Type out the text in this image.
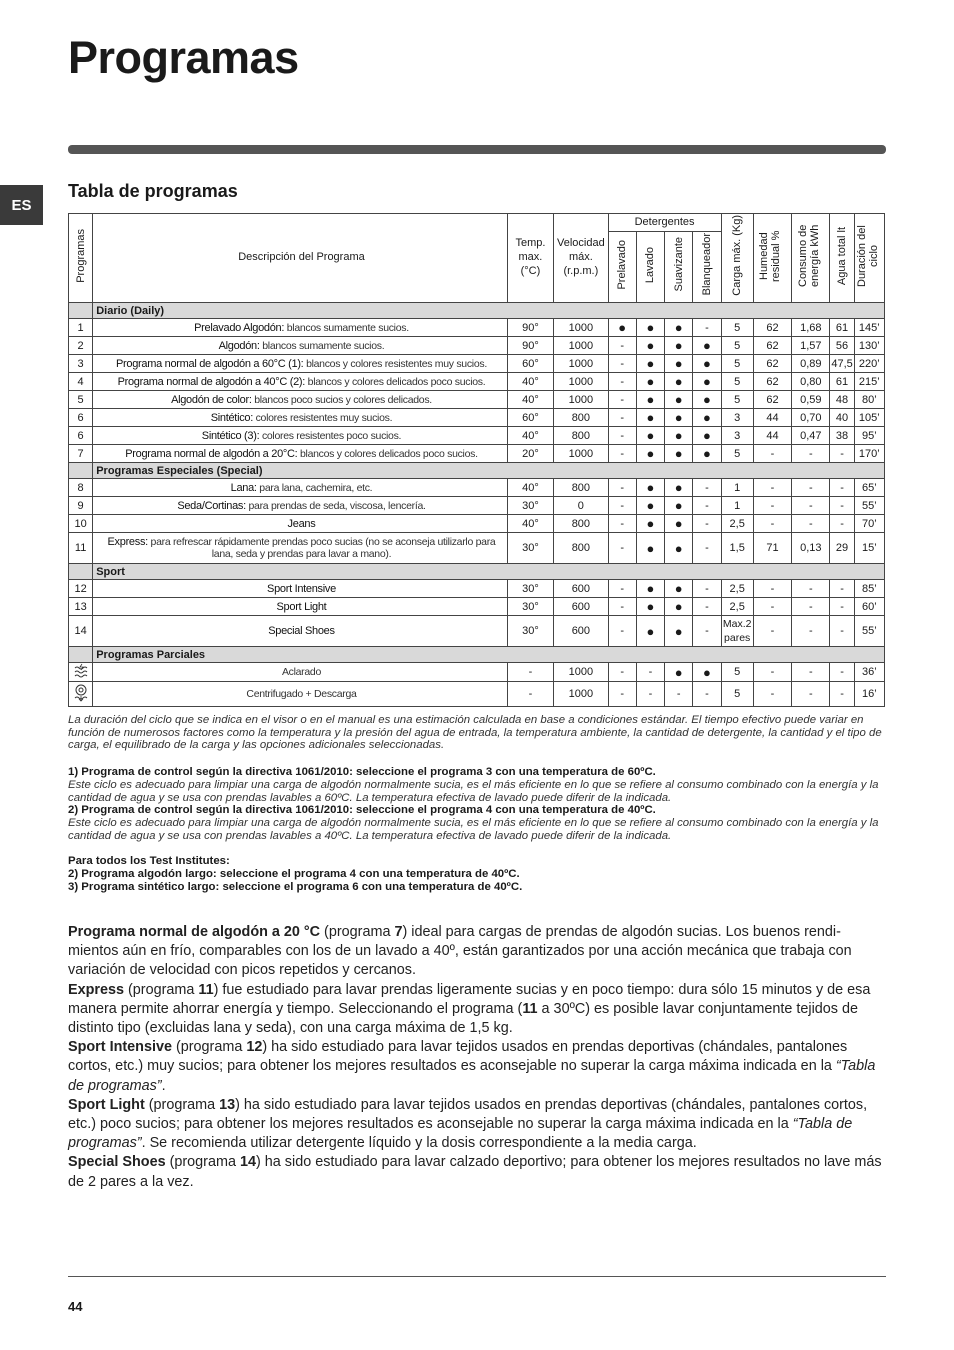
Programas
ES
Tabla de programas
Programas	Descripción del Programa	Temp. max. (°C)	Velocidad máx. (r.p.m.)	Detergentes				Carga máx. (Kg)	Humedad residual %	Consumo de energía kWh	Agua total lt	Duración del ciclo
				Prelavado	Lavado	Suavizante	Blanqueador					
	Diario (Daily)											
1	Prelavado Algodón: blancos sumamente sucios.	90°	1000	●	●	●	-	5	62	1,68	61	145’
2	Algodón: blancos sumamente sucios.	90°	1000	-	●	●	●	5	62	1,57	56	130’
3	Programa normal de algodón a 60°C (1): blancos y colores resistentes muy sucios.	60°	1000	-	●	●	●	5	62	0,89	47,5	220’
4	Programa normal de algodón a 40°C (2): blancos y colores delicados poco sucios.	40°	1000	-	●	●	●	5	62	0,80	61	215’
5	Algodón de color: blancos poco sucios y colores delicados.	40°	1000	-	●	●	●	5	62	0,59	48	80’
6	Sintético: colores resistentes muy sucios.	60°	800	-	●	●	●	3	44	0,70	40	105’
6	Sintético (3): colores resistentes poco sucios.	40°	800	-	●	●	●	3	44	0,47	38	95’
7	Programa normal de algodón a 20°C: blancos y colores delicados poco sucios.	20°	1000	-	●	●	●	5	-	-	-	170’
	Programas Especiales (Special)											
8	Lana: para lana, cachemira, etc.	40°	800	-	●	●	-	1	-	-	-	65’
9	Seda/Cortinas: para prendas de seda, viscosa, lencería.	30°	0	-	●	●	-	1	-	-	-	55’
10	Jeans	40°	800	-	●	●	-	2,5	-	-	-	70’
11	Express: para refrescar rápidamente prendas poco sucias (no se aconseja utilizarlo para lana, seda y prendas para lavar a mano).	30°	800	-	●	●	-	1,5	71	0,13	29	15’
	Sport											
12	Sport Intensive	30°	600	-	●	●	-	2,5	-	-	-	85’
13	Sport Light	30°	600	-	●	●	-	2,5	-	-	-	60’
14	Special Shoes	30°	600	-	●	●	-	Max.2 pares	-	-	-	55’
	Programas Parciales											
	Aclarado	-	1000	-	-	●	●	5	-	-	-	36’
	Centrifugado + Descarga	-	1000	-	-	-	-	5	-	-	-	16’
La duración del ciclo que se indica en el visor o en el manual es una estimación calculada en base a condiciones estándar. El tiempo efectivo puede variar en función de numerosos factores como la temperatura y la presión del agua de entrada, la temperatura ambiente, la cantidad de detergente, la cantidad y el tipo de carga, el equilibrado de la carga y las opciones adicionales seleccionadas.
1) Programa de control según la directiva 1061/2010: seleccione el programa 3 con una temperatura de 60ºC.
Este ciclo es adecuado para limpiar una carga de algodón normalmente sucia, es el más eficiente en lo que se refiere al consumo combinado con la energía y la cantidad de agua y se usa con prendas lavables a 60ºC. La temperatura efectiva de lavado puede diferir de la indicada.
2) Programa de control según la directiva 1061/2010: seleccione el programa 4 con una temperatura de 40ºC.
Este ciclo es adecuado para limpiar una carga de algodón normalmente sucia, es el más eficiente en lo que se refiere al consumo combinado con la energía y la cantidad de agua y se usa con prendas lavables a 40ºC. La temperatura efectiva de lavado puede diferir de la indicada.
Para todos los Test Institutes:
2) Programa algodón largo: seleccione el programa 4 con una temperatura de 40ºC.
3) Programa sintético largo: seleccione el programa 6 con una temperatura de 40ºC.

Programa normal de algodón a 20 °C (programa 7) ideal para cargas de prendas de algodón sucias. Los buenos rendi-mientos aún en frío, comparables con los de un lavado a 40º, están garantizados por una acción mecánica que trabaja con variación de velocidad con picos repetidos y cercanos.

Express (programa 11) fue estudiado para lavar prendas ligeramente sucias y en poco tiempo: dura sólo 15 minutos y de esa manera permite ahorrar energía y tiempo. Seleccionando el programa (11 a 30ºC) es posible lavar conjuntamente tejidos de distinto tipo (excluidas lana y seda), con una carga máxima de 1,5 kg.

Sport Intensive (programa 12) ha sido estudiado para lavar tejidos usados en prendas deportivas (chándales, pantalones cortos, etc.) muy sucios; para obtener los mejores resultados es aconsejable no superar la carga máxima indicada en la “Tabla de programas”.

Sport Light (programa 13) ha sido estudiado para lavar tejidos usados en prendas deportivas (chándales, pantalones cortos, etc.) poco sucios; para obtener los mejores resultados es aconsejable no superar la carga máxima indicada en la “Tabla de programas”. Se recomienda utilizar detergente líquido y la dosis correspondiente a la media carga.

Special Shoes (programa 14) ha sido estudiado para lavar calzado deportivo; para obtener los mejores resultados no lave más de 2 pares a la vez.

44
